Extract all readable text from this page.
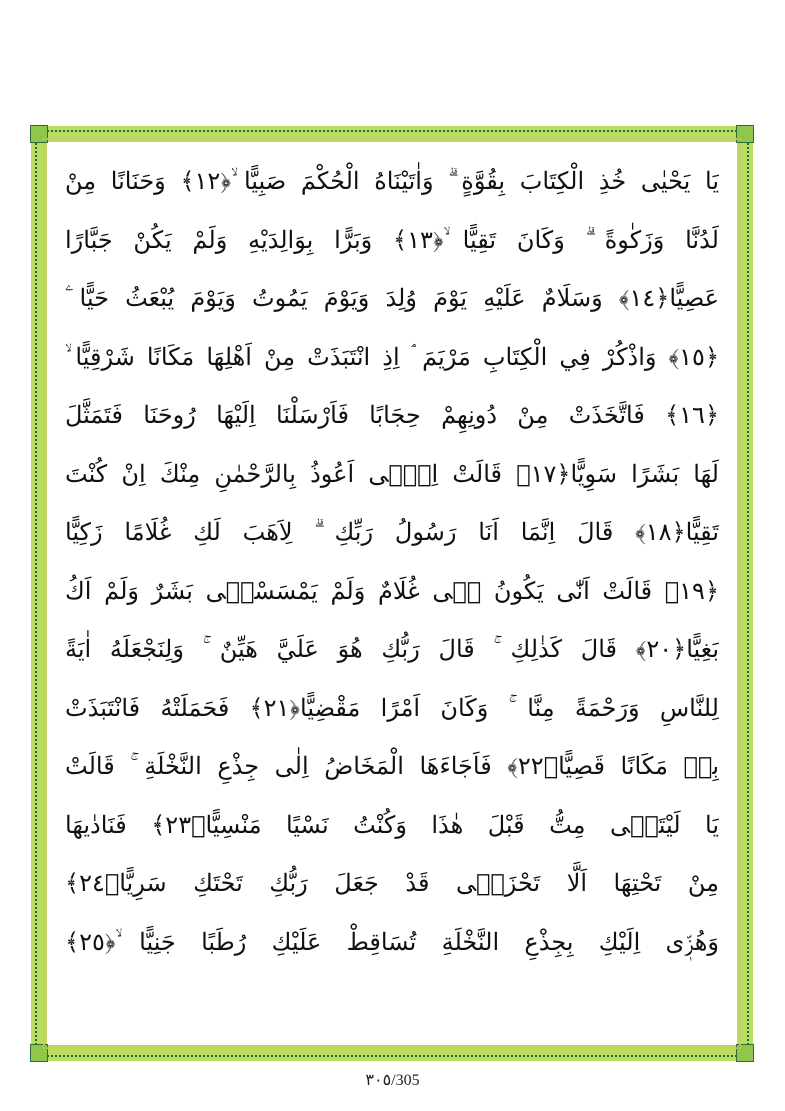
يَا يَحْيٰى خُذِ الْكِتَابَ بِقُوَّةٍ ۗ وَاٰتَيْنَاهُ الْحُكْمَ صَبِيًّا ۙ﴿١٢﴾ وَحَنَانًا مِنْ
لَدُنَّا وَزَكٰوةً ۗ وَكَانَ تَقِيًّا ۙ﴿١٣﴾ وَبَرًّا بِوَالِدَيْهِ وَلَمْ يَكُنْ جَبَّارًا
عَصِيًّا﴿١٤﴾ وَسَلَامٌ عَلَيْهِ يَوْمَ وُلِدَ وَيَوْمَ يَمُوتُ وَيَوْمَ يُبْعَثُ حَيًّا ۧ
﴿١٥﴾ وَاذْكُرْ فِي الْكِتَابِ مَرْيَمَ ۘ اِذِ انْتَبَذَتْ مِنْ اَهْلِهَا مَكَانًا شَرْقِيًّا ۙ
﴿١٦﴾ فَاتَّخَذَتْ مِنْ دُونِهِمْ حِجَابًا فَاَرْسَلْنَا اِلَيْهَا رُوحَنَا فَتَمَثَّلَ
لَهَا بَشَرًا سَوِيًّا﴿١٧﴾ قَالَتْ اِنّٖى اَعُوذُ بِالرَّحْمٰنِ مِنْكَ اِنْ كُنْتَ
تَقِيًّا﴿١٨﴾ قَالَ اِنَّمَا اَنَا رَسُولُ رَبِّكِ ۗ لِاَهَبَ لَكِ غُلَامًا زَكِيًّا
﴿١٩﴾ قَالَتْ اَنّٰى يَكُونُ لٖى غُلَامٌ وَلَمْ يَمْسَسْنٖى بَشَرٌ وَلَمْ اَكُ
بَغِيًّا﴿٢٠﴾ قَالَ كَذٰلِكِ ۚ قَالَ رَبُّكِ هُوَ عَلَيَّ هَيِّنٌ ۚ وَلِنَجْعَلَهُ اٰيَةً
لِلنَّاسِ وَرَحْمَةً مِنَّا ۚ وَكَانَ اَمْرًا مَقْضِيًّا﴿٢١﴾ فَحَمَلَتْهُ فَانْتَبَذَتْ
بِهٖ مَكَانًا قَصِيًّا﴿٢٢﴾ فَاَجَاءَهَا الْمَخَاضُ اِلٰى جِذْعِ النَّخْلَةِ ۚ قَالَتْ
يَا لَيْتَنٖى مِتُّ قَبْلَ هٰذَا وَكُنْتُ نَسْيًا مَنْسِيًّا﴿٢٣﴾ فَنَادٰيهَا
مِنْ تَحْتِهَا اَلَّا تَحْزَنٖى قَدْ جَعَلَ رَبُّكِ تَحْتَكِ سَرِيًّا﴿٢٤﴾
وَهُزّٖى اِلَيْكِ بِجِذْعِ النَّخْلَةِ تُسَاقِطْ عَلَيْكِ رُطَبًا جَنِيًّا ۙ﴿٢٥﴾
٣٠٥/305
